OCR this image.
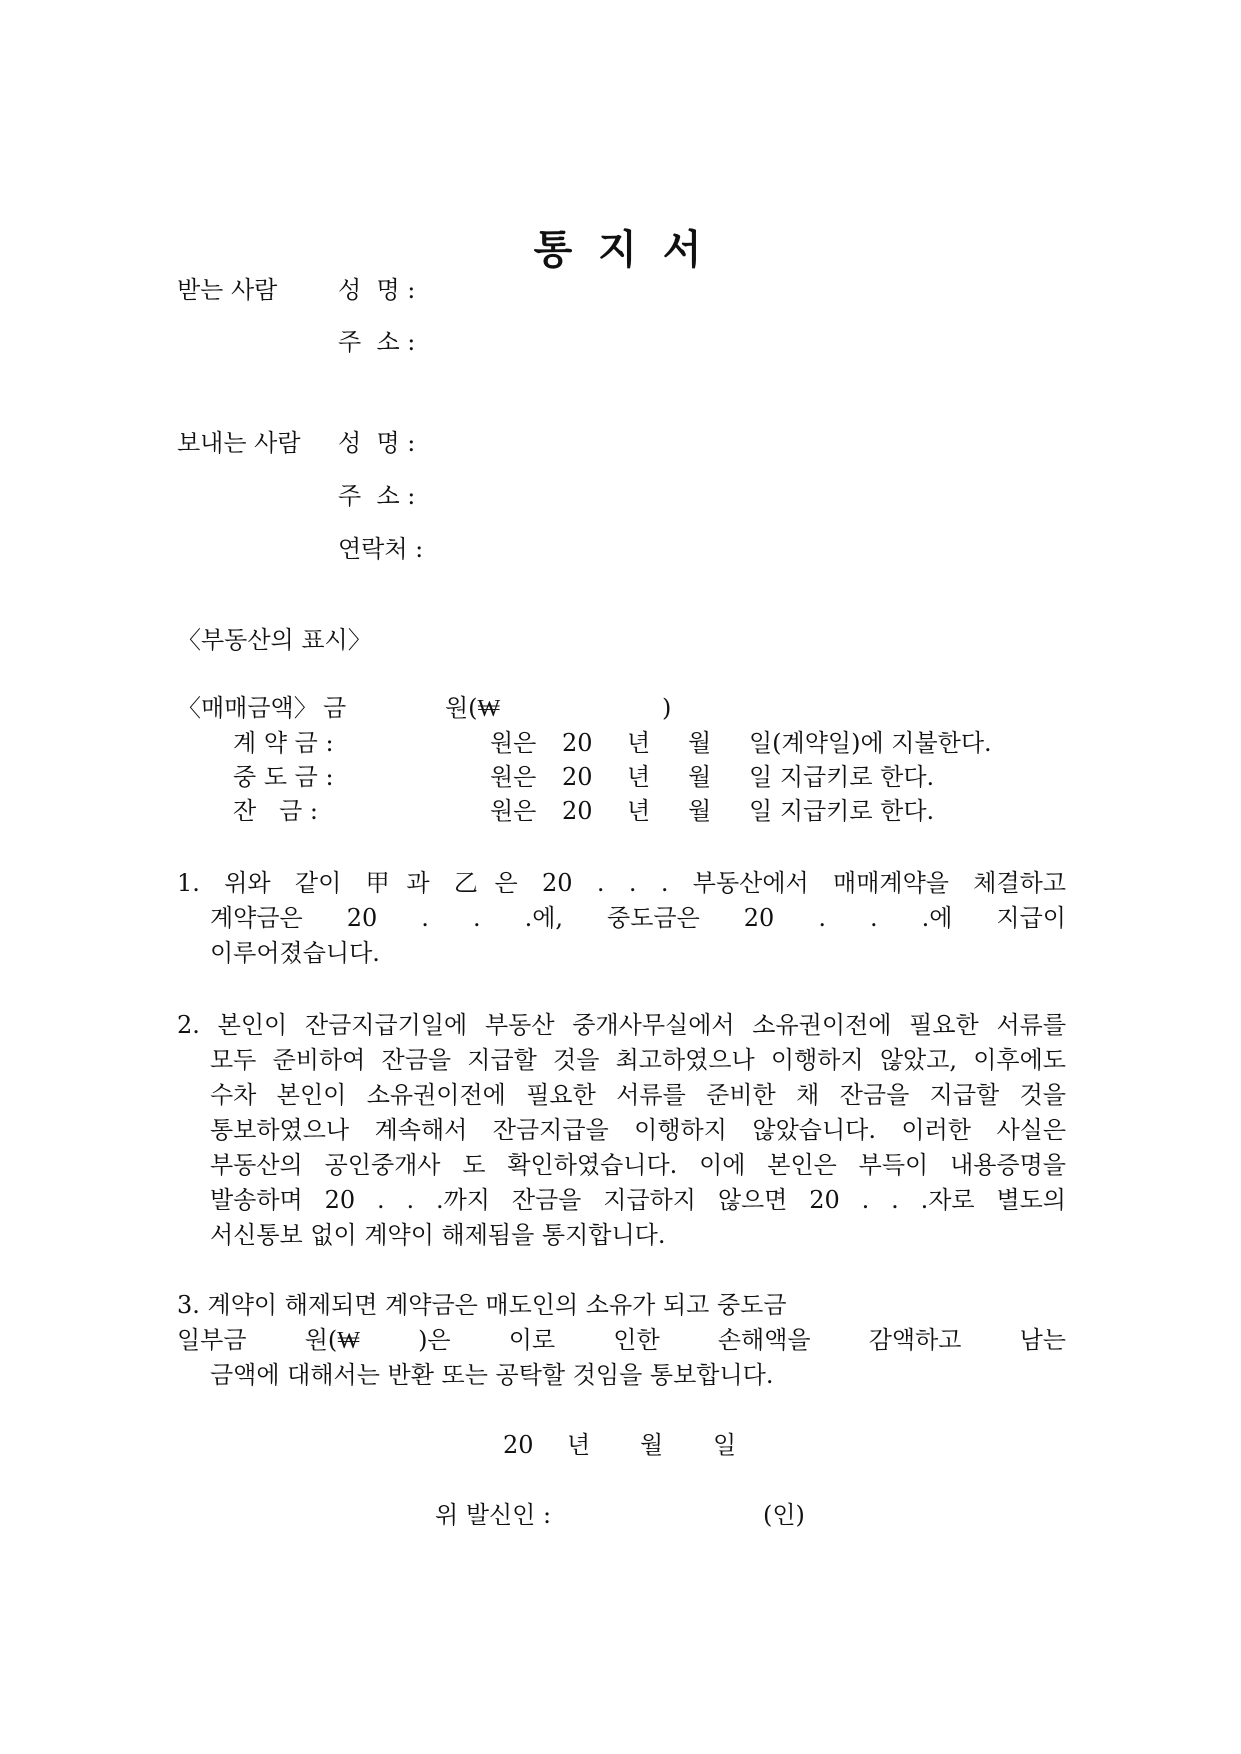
통 지 서
받는 사람	성  명 :
주  소 :
보내는 사람 성  명 :
주  소 :
연락처 :
〈부동산의 표시〉
〈매매금액〉 금	원(₩	)
계 약 금 :	원은 20 년 월 일(계약일)에 지불한다.
중 도 금 :	원은 20 년 월 일 지급키로 한다.
잔   금 :	원은 20 년 월 일 지급키로 한다.
1. 위와 같이 甲과 乙은 20 . . . 부동산에서 매매계약을 체결하고
계약금은 20 . . .에, 중도금은 20 . . .에 지급이
이루어졌습니다.
2. 본인이 잔금지급기일에 부동산 중개사무실에서 소유권이전에 필요한 서류를
모두 준비하여 잔금을 지급할 것을 최고하였으나 이행하지 않았고, 이후에도
수차 본인이 소유권이전에 필요한 서류를 준비한 채 잔금을 지급할 것을
통보하였으나 계속해서 잔금지급을 이행하지 않았습니다. 이러한 사실은
부동산의 공인중개사 도 확인하였습니다. 이에 본인은 부득이 내용증명을
발송하며 20 . . .까지 잔금을 지급하지 않으면 20 . . .자로 별도의
서신통보 없이 계약이 해제됨을 통지합니다.
3. 계약이 해제되면 계약금은 매도인의 소유가 되고 중도금
일부금 원(₩ )은 이로 인한 손해액을 감액하고 남는
금액에 대해서는 반환 또는 공탁할 것임을 통보합니다.
20 년 월 일
위 발신인 :	(인)
